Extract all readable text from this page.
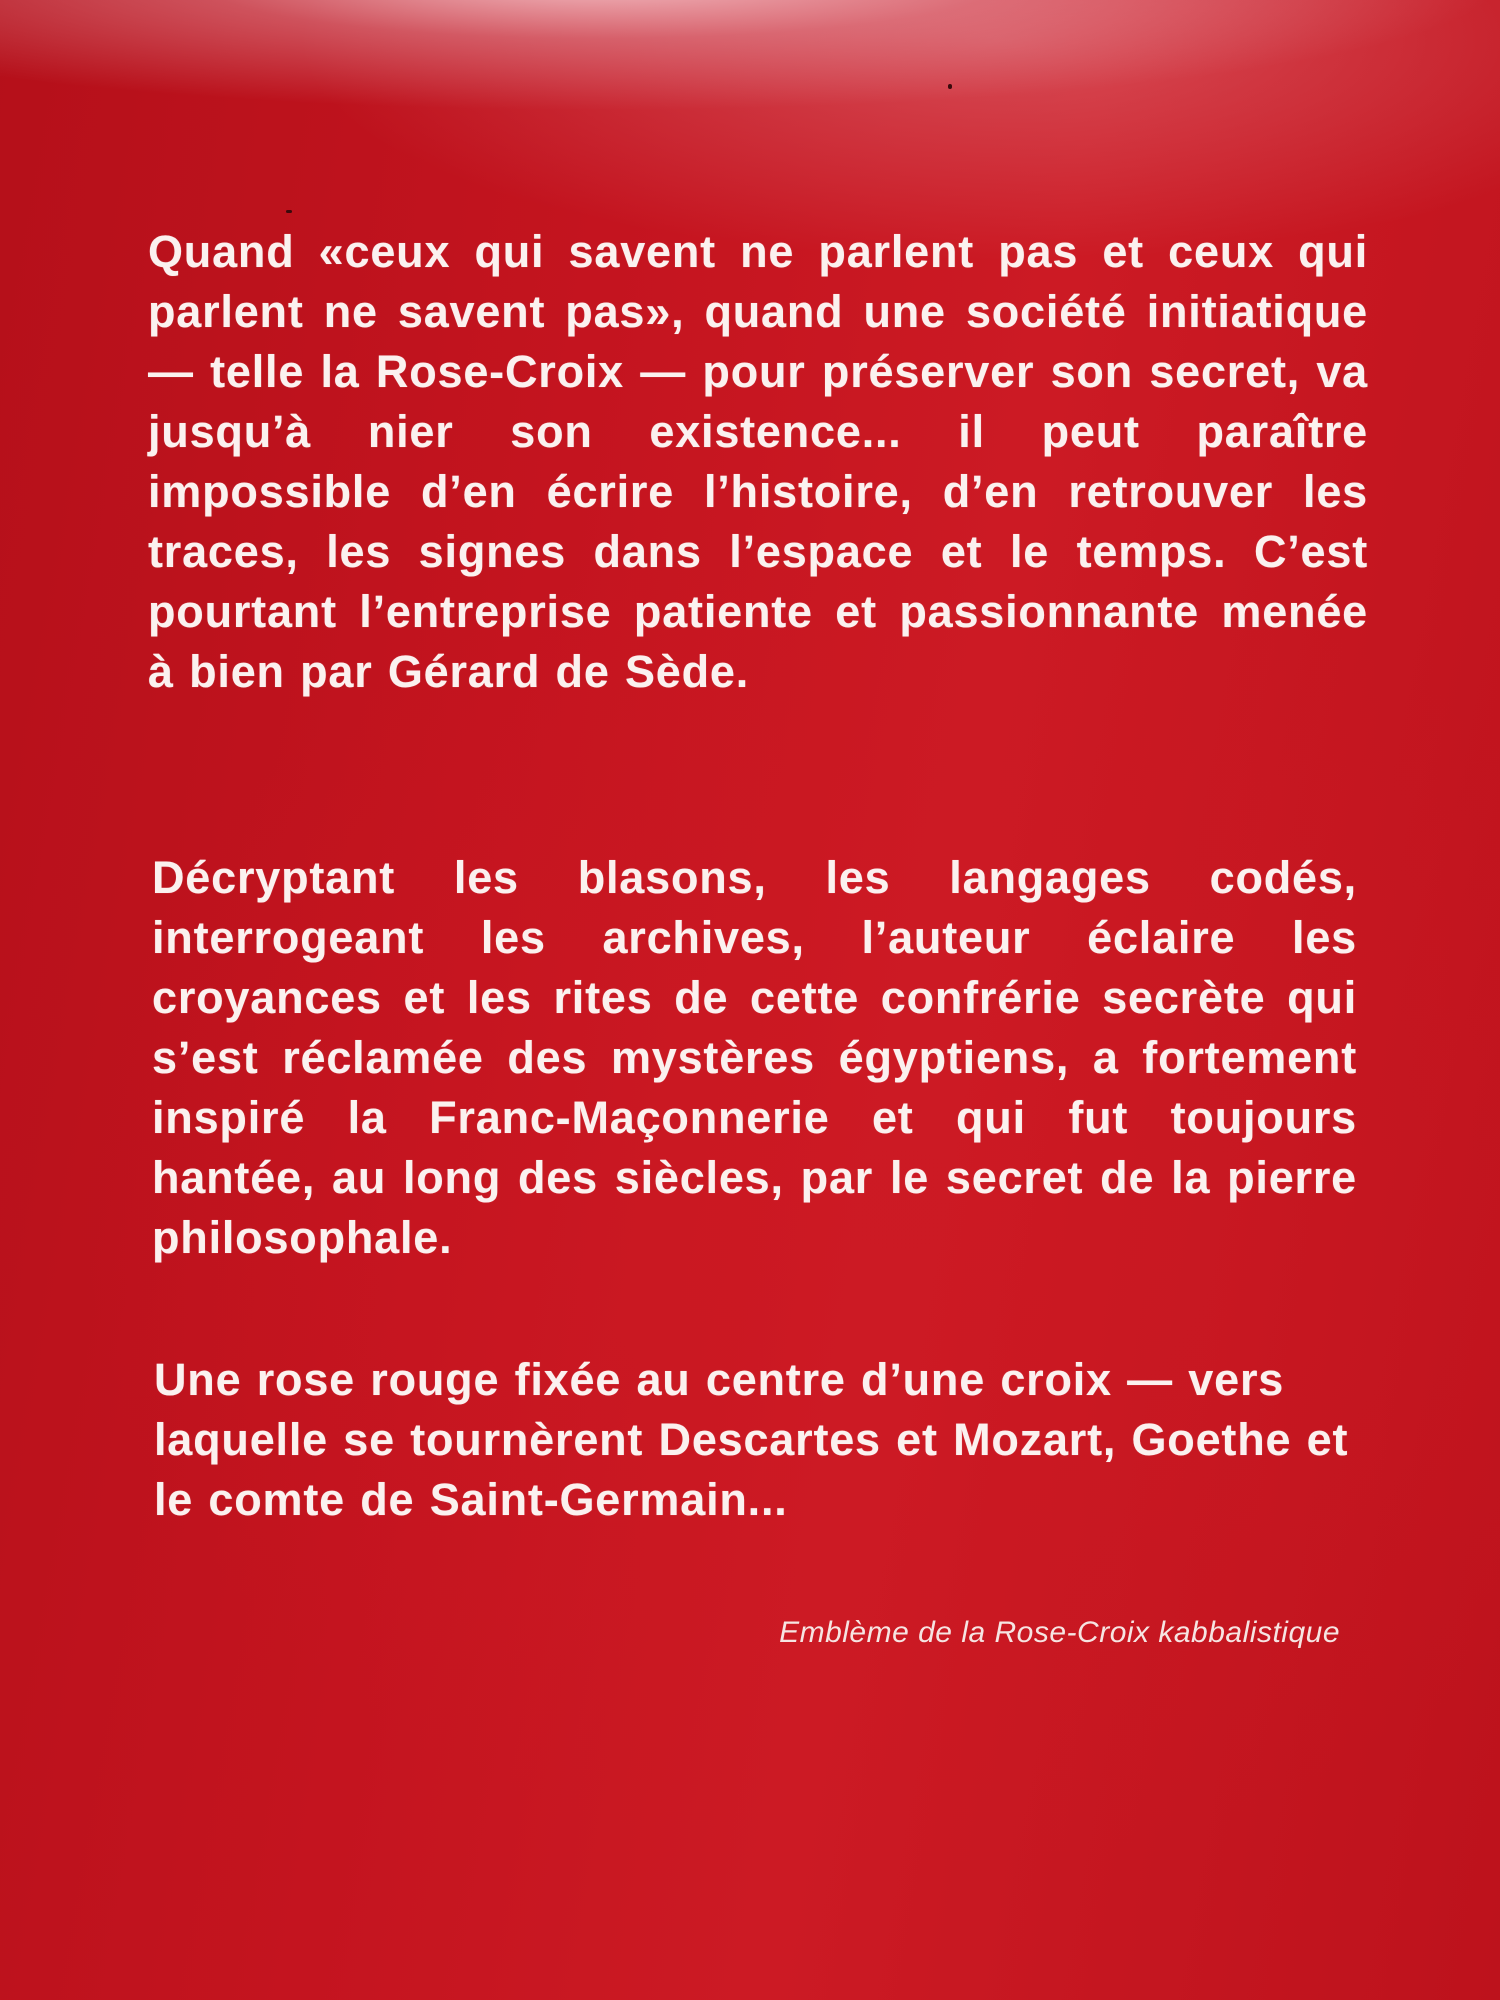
Quand «ceux qui savent ne parlent pas et ceux qui parlent ne savent pas», quand une société initiatique — telle la Rose-Croix — pour préserver son secret, va jusqu’à nier son existence... il peut paraître impossible d’en écrire l’histoire, d’en retrouver les traces, les signes dans l’espace et le temps. C’est pourtant l’entreprise patiente et passionnante menée à bien par Gérard de Sède.

Décryptant les blasons, les langages codés, interrogeant les archives, l’auteur éclaire les croyances et les rites de cette confrérie secrète qui s’est réclamée des mystères égyptiens, a fortement inspiré la Franc-Maçonnerie et qui fut toujours hantée, au long des siècles, par le secret de la pierre philosophale.

Une rose rouge fixée au centre d’une croix — vers laquelle se tournèrent Descartes et Mozart, Goethe et le comte de Saint-Germain...

Emblème de la Rose-Croix kabbalistique
